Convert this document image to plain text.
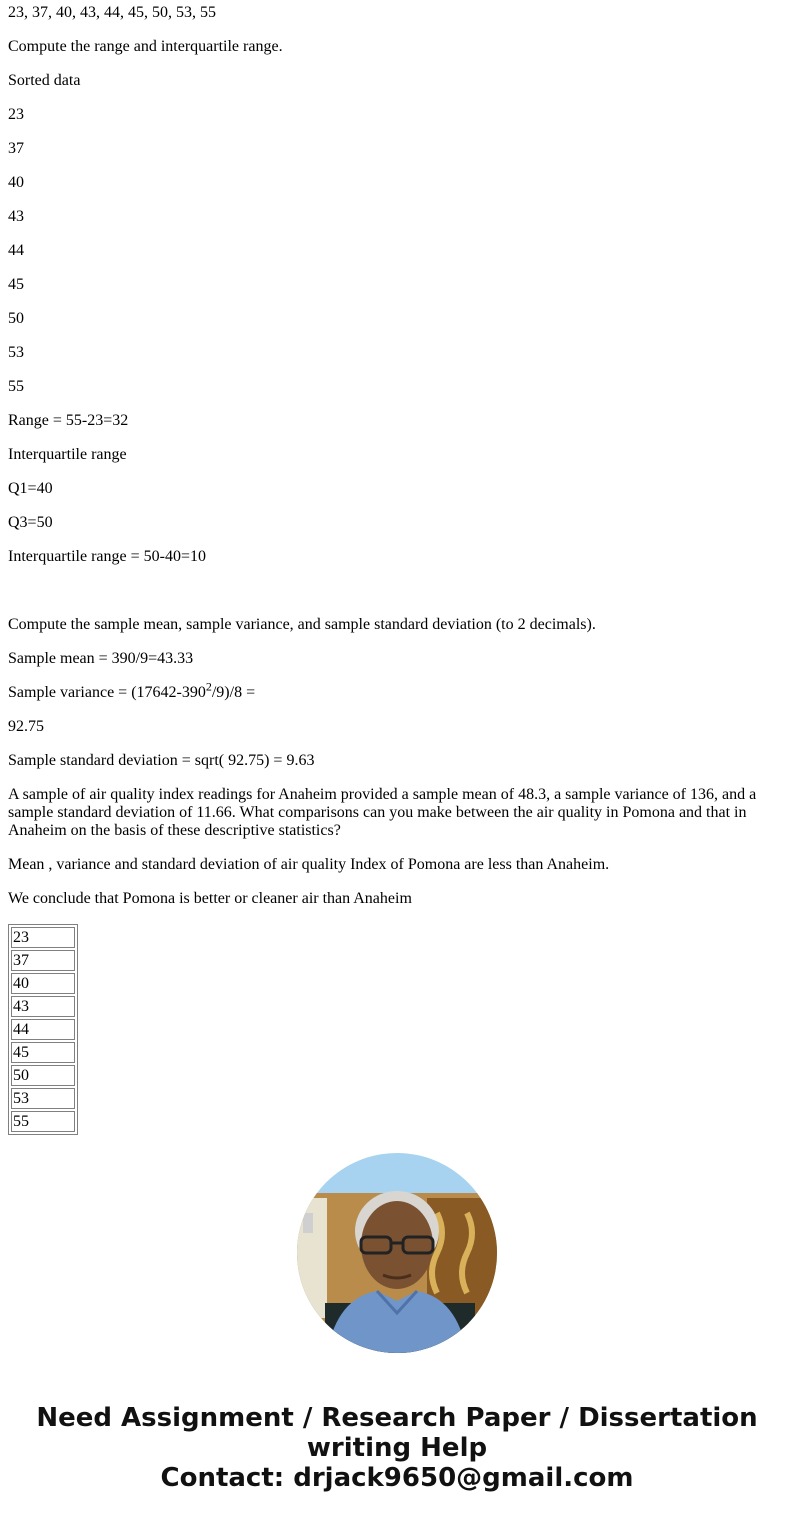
23, 37, 40, 43, 44, 45, 50, 53, 55

Compute the range and interquartile range.

Sorted data

23

37

40

43

44

45

50

53

55

Range = 55-23=32

Interquartile range

Q1=40

Q3=50

Interquartile range = 50-40=10

Compute the sample mean, sample variance, and sample standard deviation (to 2 decimals).

Sample mean = 390/9=43.33

Sample variance = $(17642-390^2/9)/8$ =

92.75

Sample standard deviation = sqrt( 92.75) = 9.63

A sample of air quality index readings for Anaheim provided a sample mean of 48.3, a sample variance of 136, and a sample standard deviation of 11.66. What comparisons can you make between the air quality in Pomona and that in Anaheim on the basis of these descriptive statistics?

Mean , variance and standard deviation of air quality Index of Pomona are less than Anaheim.

We conclude that Pomona is better or cleaner air than Anaheim

23
37
40
43
44
45
50
53
55
Need Assignment / Research Paper / Dissertation
writing Help
Contact: drjack9650@gmail.com
